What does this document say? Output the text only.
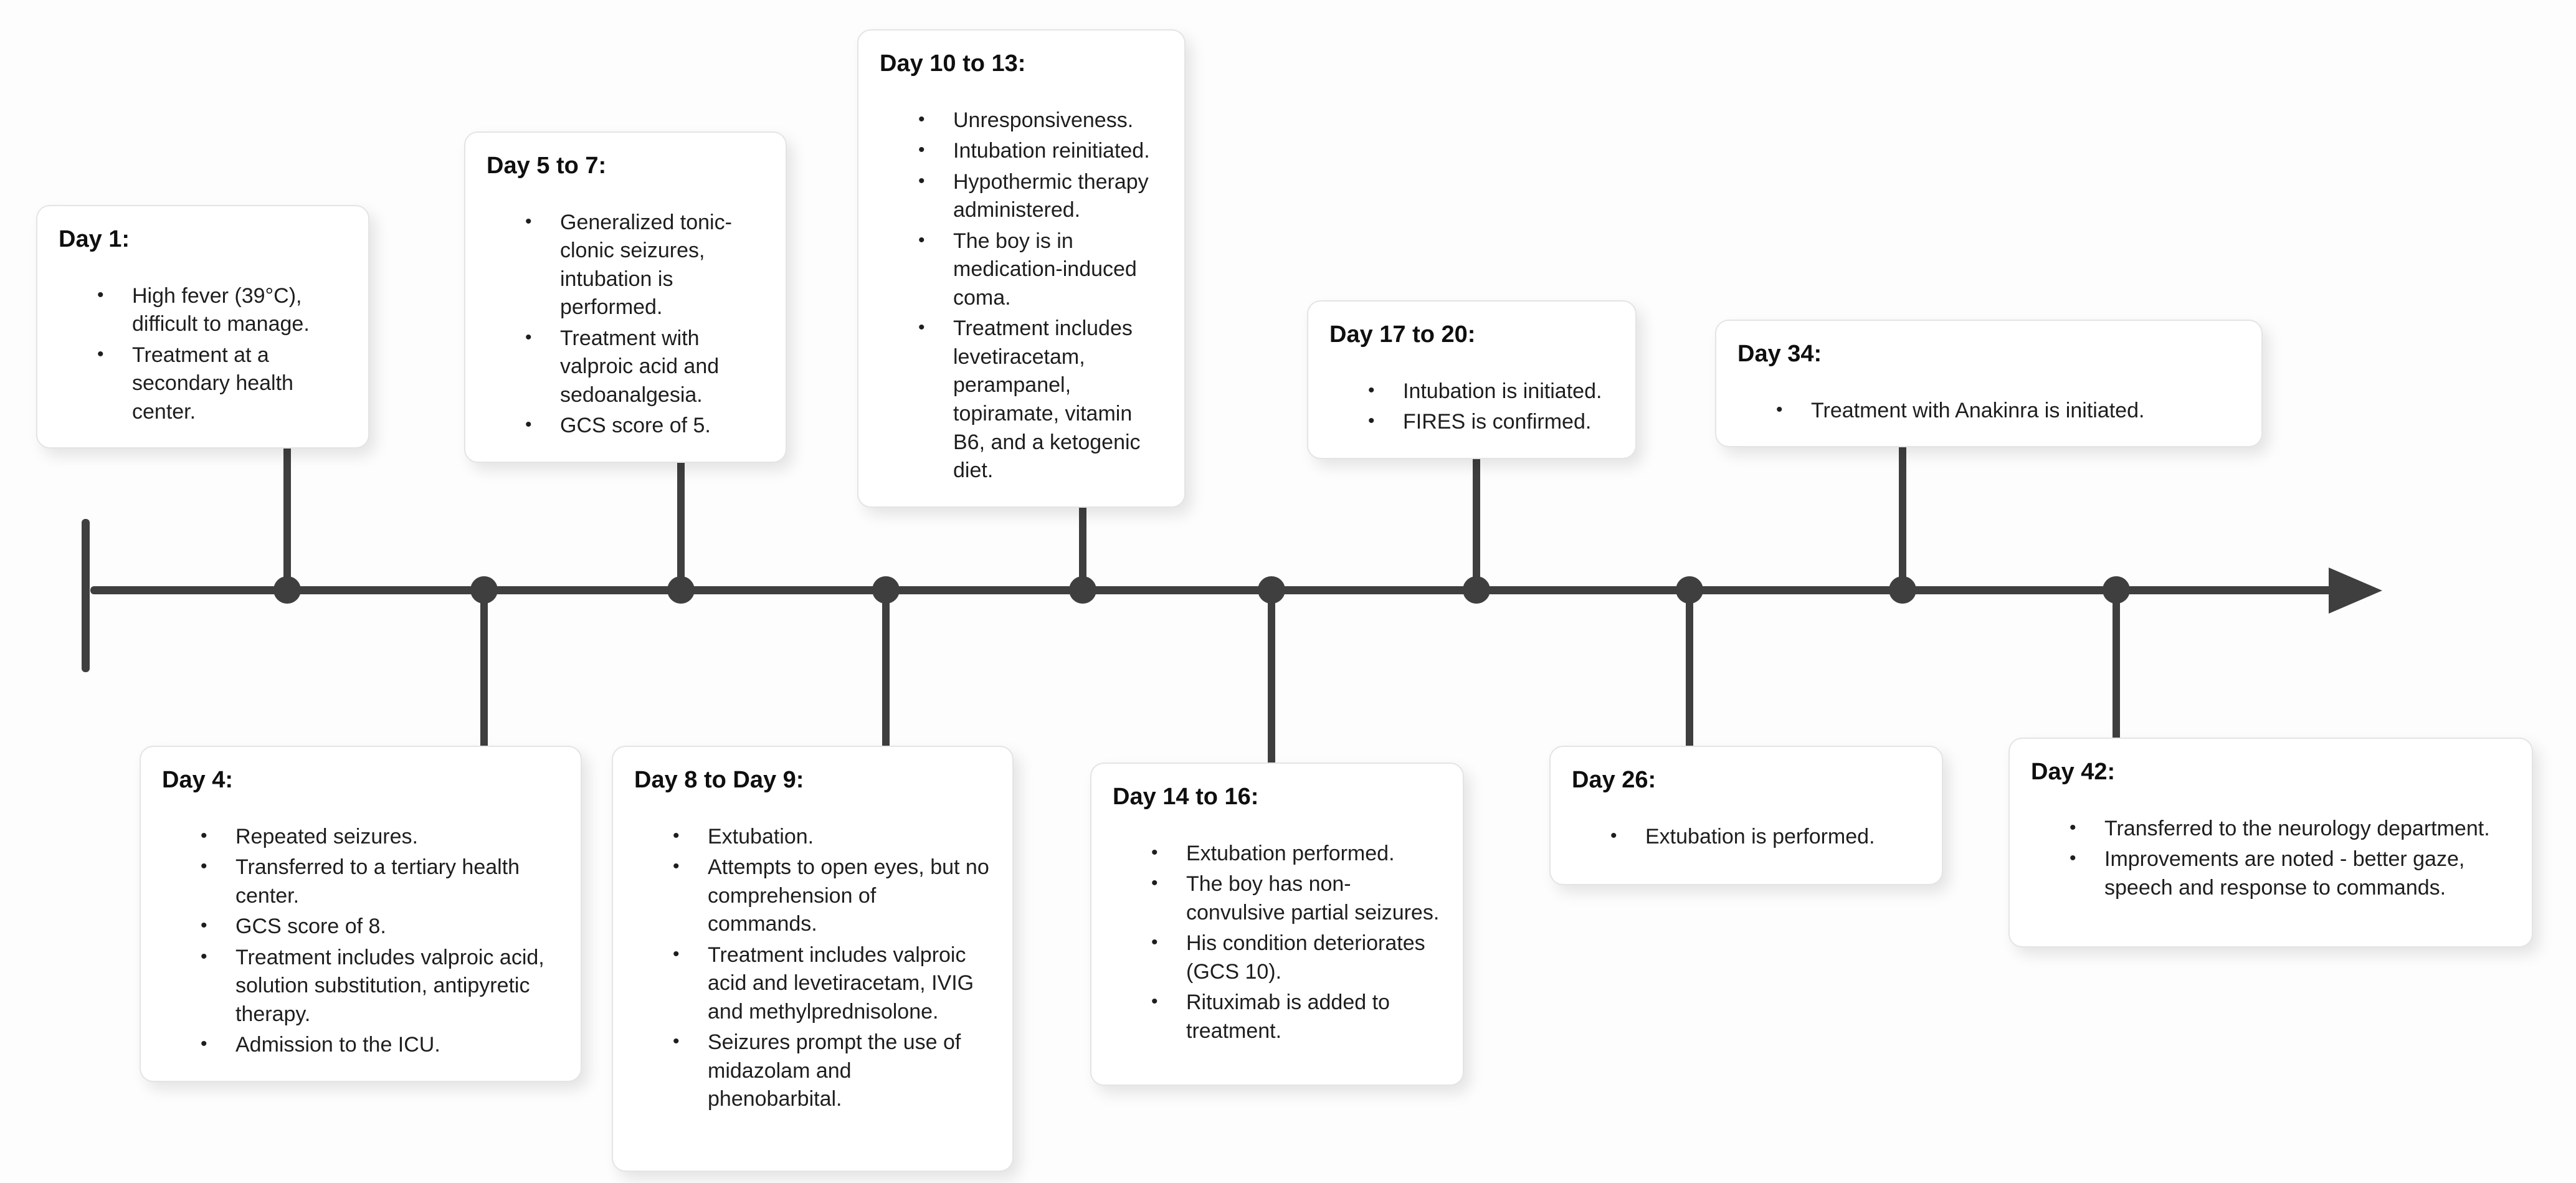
Day 1:
• High fever (39°C), difficult to manage.
• Treatment at a secondary health center.
Day 4:
• Repeated seizures.
• Transferred to a tertiary health center.
• GCS score of 8.
• Treatment includes valproic acid, solution substitution, antipyretic therapy.
• Admission to the ICU.
Day 5 to 7:
• Generalized tonic-clonic seizures, intubation is performed.
• Treatment with valproic acid and sedoanalgesia.
• GCS score of 5.
Day 8 to Day 9:
• Extubation.
• Attempts to open eyes, but no comprehension of commands.
• Treatment includes valproic acid and levetiracetam, IVIG and methylprednisolone.
• Seizures prompt the use of midazolam and phenobarbital.
Day 10 to 13:
• Unresponsiveness.
• Intubation reinitiated.
• Hypothermic therapy administered.
• The boy is in medication-induced coma.
• Treatment includes levetiracetam, perampanel, topiramate, vitamin B6, and a ketogenic diet.
Day 14 to 16:
• Extubation performed.
• The boy has non-convulsive partial seizures.
• His condition deteriorates (GCS 10).
• Rituximab is added to treatment.
Day 17 to 20:
• Intubation is initiated.
• FIRES is confirmed.
Day 26:
• Extubation is performed.
Day 34:
• Treatment with Anakinra is initiated.
Day 42:
• Transferred to the neurology department.
• Improvements are noted - better gaze, speech and response to commands.
